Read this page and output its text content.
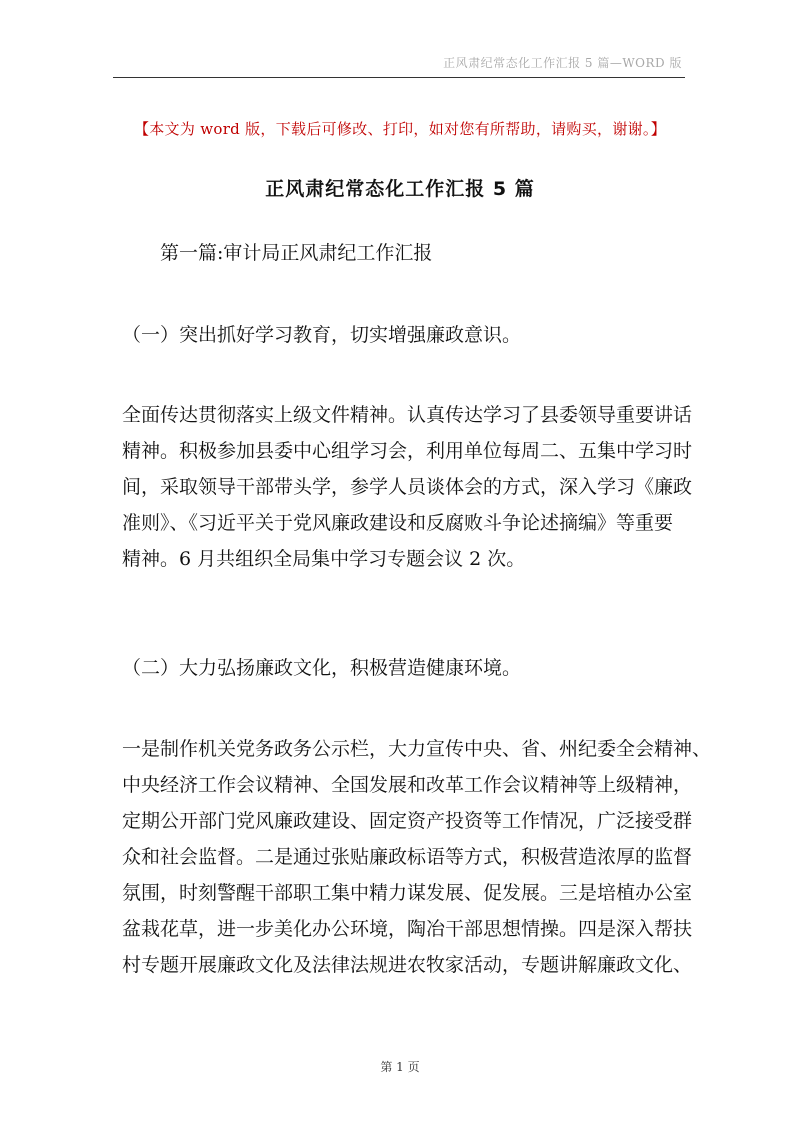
正风肃纪常态化工作汇报 5 篇—WORD 版
【本文为 word 版，下载后可修改、打印，如对您有所帮助，请购买，谢谢。】
正风肃纪常态化工作汇报 5 篇
第一篇:审计局正风肃纪工作汇报

（一）突出抓好学习教育，切实增强廉政意识。

全面传达贯彻落实上级文件精神。认真传达学习了县委领导重要讲话

精神。积极参加县委中心组学习会，利用单位每周二、五集中学习时

间，采取领导干部带头学，参学人员谈体会的方式，深入学习《廉政

准则》、《习近平关于党风廉政建设和反腐败斗争论述摘编》等重要

精神。6 月共组织全局集中学习专题会议 2 次。

（二）大力弘扬廉政文化，积极营造健康环境。

一是制作机关党务政务公示栏，大力宣传中央、省、州纪委全会精神、

中央经济工作会议精神、全国发展和改革工作会议精神等上级精神，

定期公开部门党风廉政建设、固定资产投资等工作情况，广泛接受群

众和社会监督。二是通过张贴廉政标语等方式，积极营造浓厚的监督

氛围，时刻警醒干部职工集中精力谋发展、促发展。三是培植办公室

盆栽花草，进一步美化办公环境，陶冶干部思想情操。四是深入帮扶

村专题开展廉政文化及法律法规进农牧家活动，专题讲解廉政文化、

第 1 页
